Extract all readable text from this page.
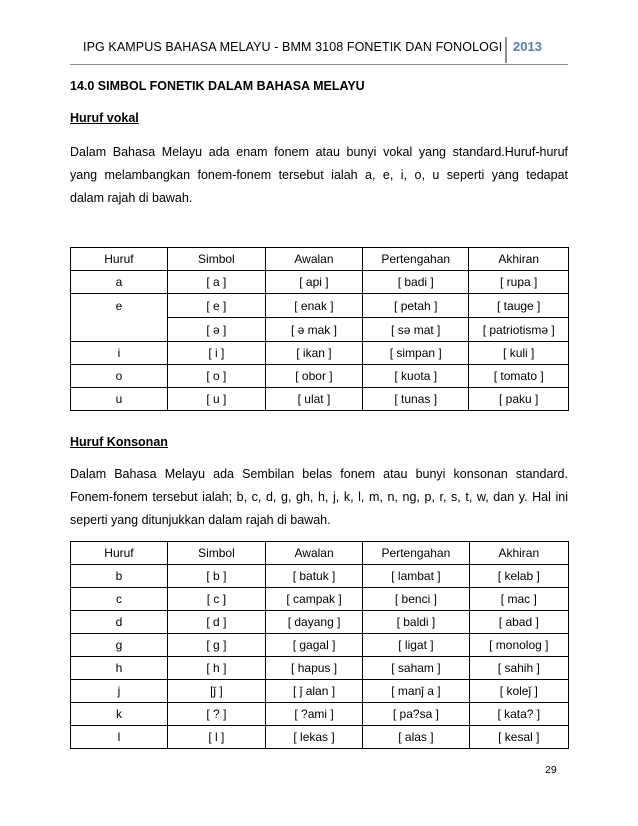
IPG KAMPUS BAHASA MELAYU - BMM 3108 FONETIK DAN FONOLOGI 2013
14.0 SIMBOL FONETIK DALAM BAHASA MELAYU
Huruf vokal
Dalam Bahasa Melayu ada enam fonem atau bunyi vokal yang standard.Huruf-huruf
yang melambangkan fonem-fonem tersebut ialah a, e, i, o, u seperti yang tedapat
dalam rajah di bawah.
Huruf	Simbol	Awalan	Pertengahan	Akhiran
a	[ a ]	[ api ]	[ badi ]	[ rupa ]
e	[ e ]	[ enak ]	[ petah ]	[ tauge ]
	[ ə ]	[ ə mak ]	[ sə mat ]	[ patriotismə ]
i	[ i ]	[ ikan ]	[ simpan ]	[ kuli ]
o	[ o ]	[ obor ]	[ kuota ]	[ tomato ]
u	[ u ]	[ ulat ]	[ tunas ]	[ paku ]
Huruf Konsonan
Dalam Bahasa Melayu ada Sembilan belas fonem atau bunyi konsonan standard.
Fonem-fonem tersebut ialah; b, c, d, g, gh, h, j, k, l, m, n, ng, p, r, s, t, w, dan y. Hal ini
seperti yang ditunjukkan dalam rajah di bawah.
Huruf	Simbol	Awalan	Pertengahan	Akhiran
b	[ b ]	[ batuk ]	[ lambat ]	[ kelab ]
c	[ c ]	[ campak ]	[ benci ]	[ mac ]
d	[ d ]	[ dayang ]	[ baldi ]	[ abad ]
g	[ g ]	[ gagal ]	[ ligat ]	[ monolog ]
h	[ h ]	[ hapus ]	[ saham ]	[ sahih ]
j	[ǰ ]	[ ǰ alan ]	[ manǰ a ]	[ koleǰ ]
k	[ ? ]	[ ?ami ]	[ pa?sa ]	[ kata? ]
l	[ l ]	[ lekas ]	[ alas ]	[ kesal ]
29
